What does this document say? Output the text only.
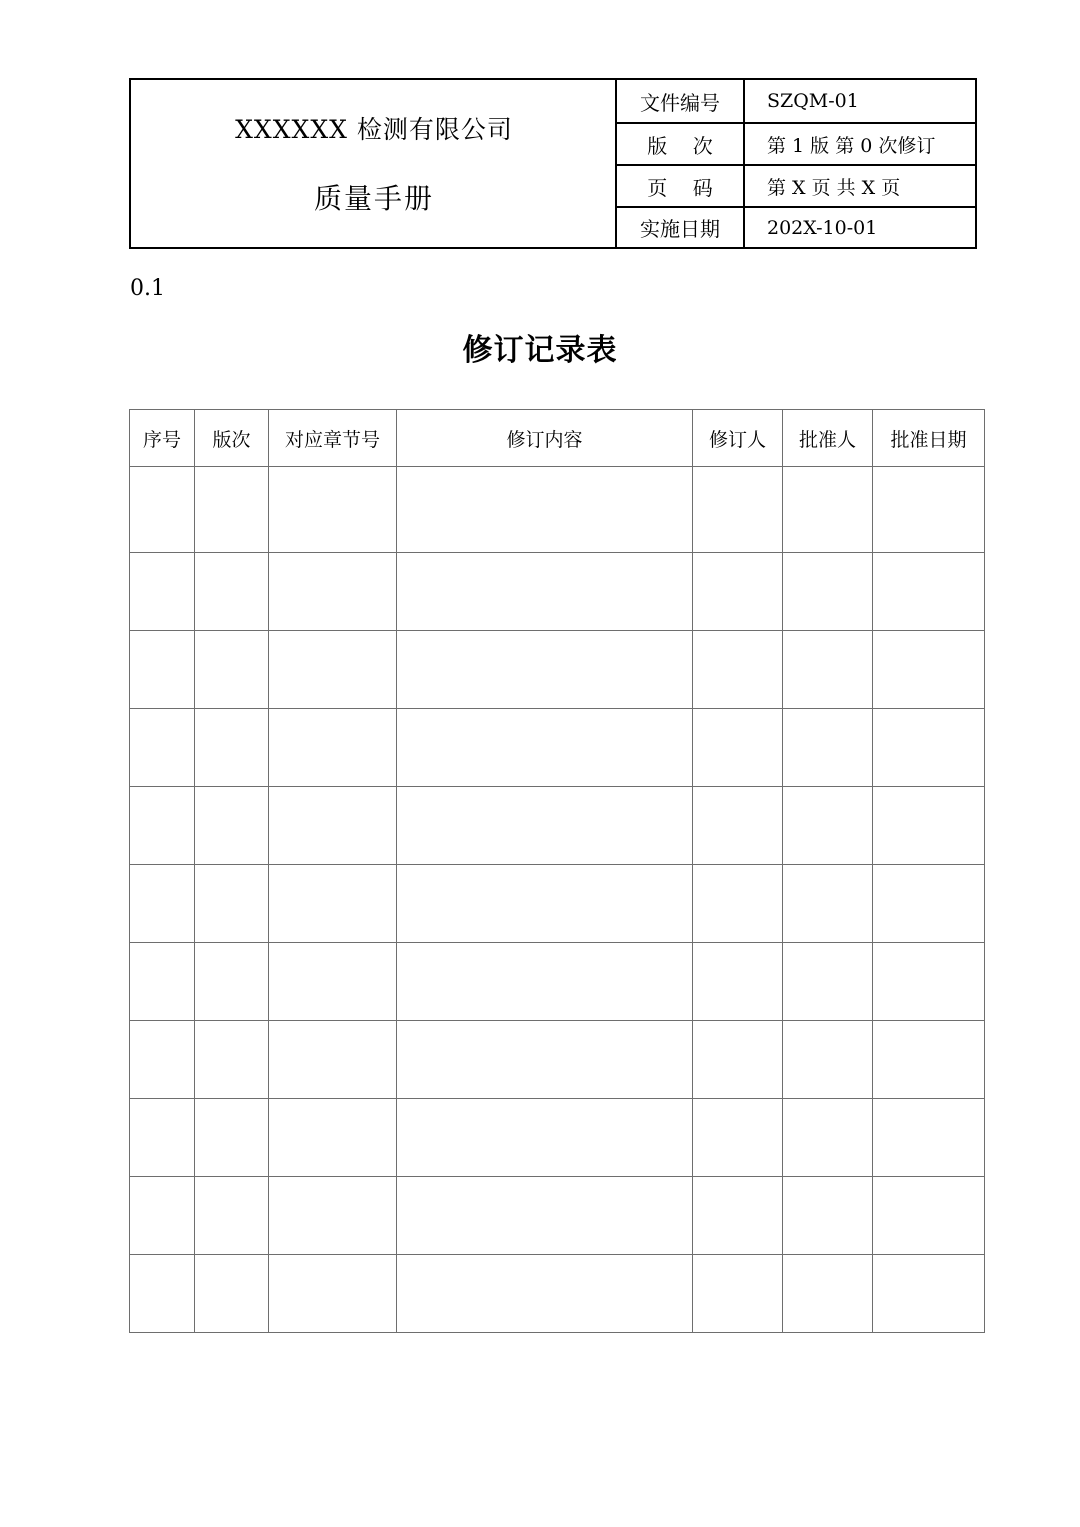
XXXXXX 检测有限公司
质量手册
文件编号	SZQM-01
版    次	第 1 版 第 0 次修订
页    码	第 X 页 共 X 页
实施日期	202X-10-01
0.1
修订记录表
序号	版次	对应章节号	修订内容	修订人	批准人	批准日期
